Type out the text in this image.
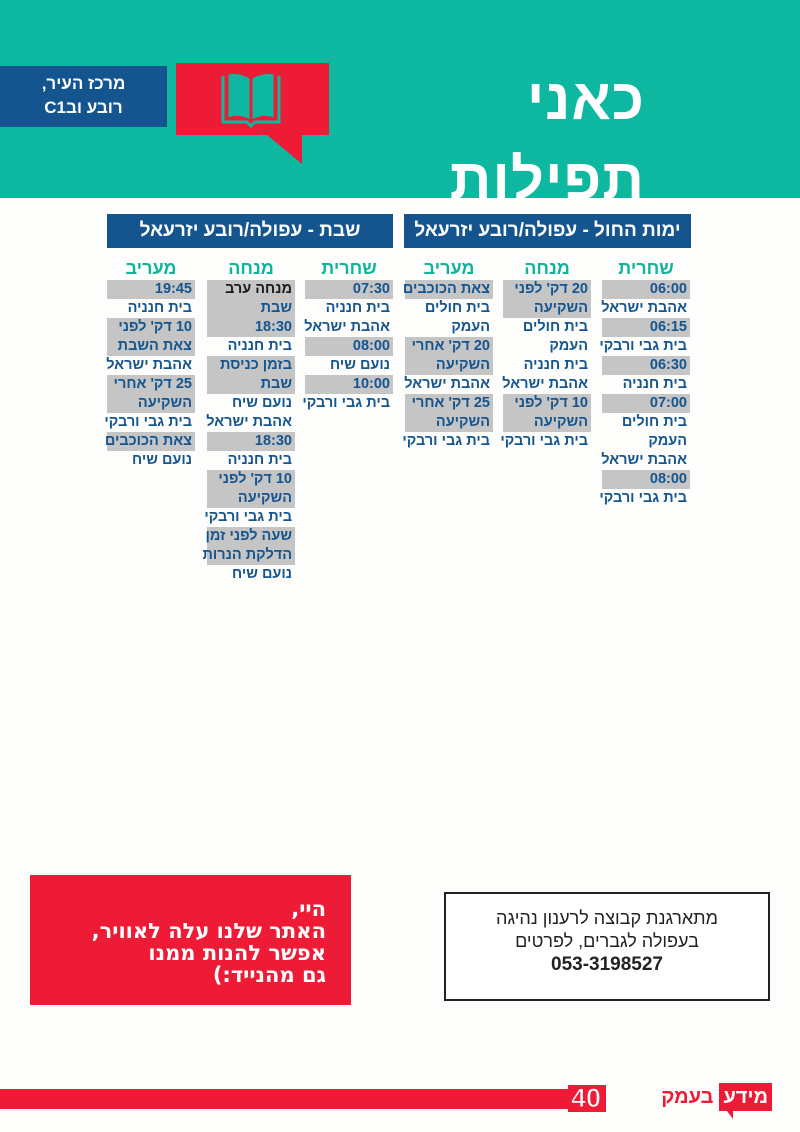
מרכז העיר,
רובע ובC1	כאני תפילות
ימות החול - עפולה/רובע יזרעאל
שחרית
06:00
אהבת ישראל
06:15
בית גבי ורבקי
06:30
בית חנניה
07:00
בית חולים
העמק
אהבת ישראל
08:00
בית גבי ורבקי
מנחה
20 דק' לפני
השקיעה
בית חולים
העמק
בית חנניה
אהבת ישראל
10 דק' לפני
השקיעה
בית גבי ורבקי
מעריב
צאת הכוכבים
בית חולים
העמק
20 דק' אחרי
השקיעה
אהבת ישראל
25 דק' אחרי
השקיעה
בית גבי ורבקי
שבת - עפולה/רובע יזרעאל
שחרית
07:30
בית חנניה
אהבת ישראל
08:00
נועם שיח
10:00
בית גבי ורבקי
מנחה
מנחה ערב
שבת
18:30
בית חנניה
בזמן כניסת
שבת
נועם שיח
אהבת ישראל
18:30
בית חנניה
10 דק' לפני
השקיעה
בית גבי ורבקי
שעה לפני זמן
הדלקת הנרות
נועם שיח
מעריב
19:45
בית חנניה
10 דק' לפני
צאת השבת
אהבת ישראל
25 דק' אחרי
השקיעה
בית גבי ורבקי
צאת הכוכבים
נועם שיח
היי,
האתר שלנו עלה לאוויר,
אפשר להנות ממנו
גם מהנייד:)
מתארגנת קבוצה לרענון נהיגה
בעפולה לגברים, לפרטים
053-3198527
40	מידעבעמק
